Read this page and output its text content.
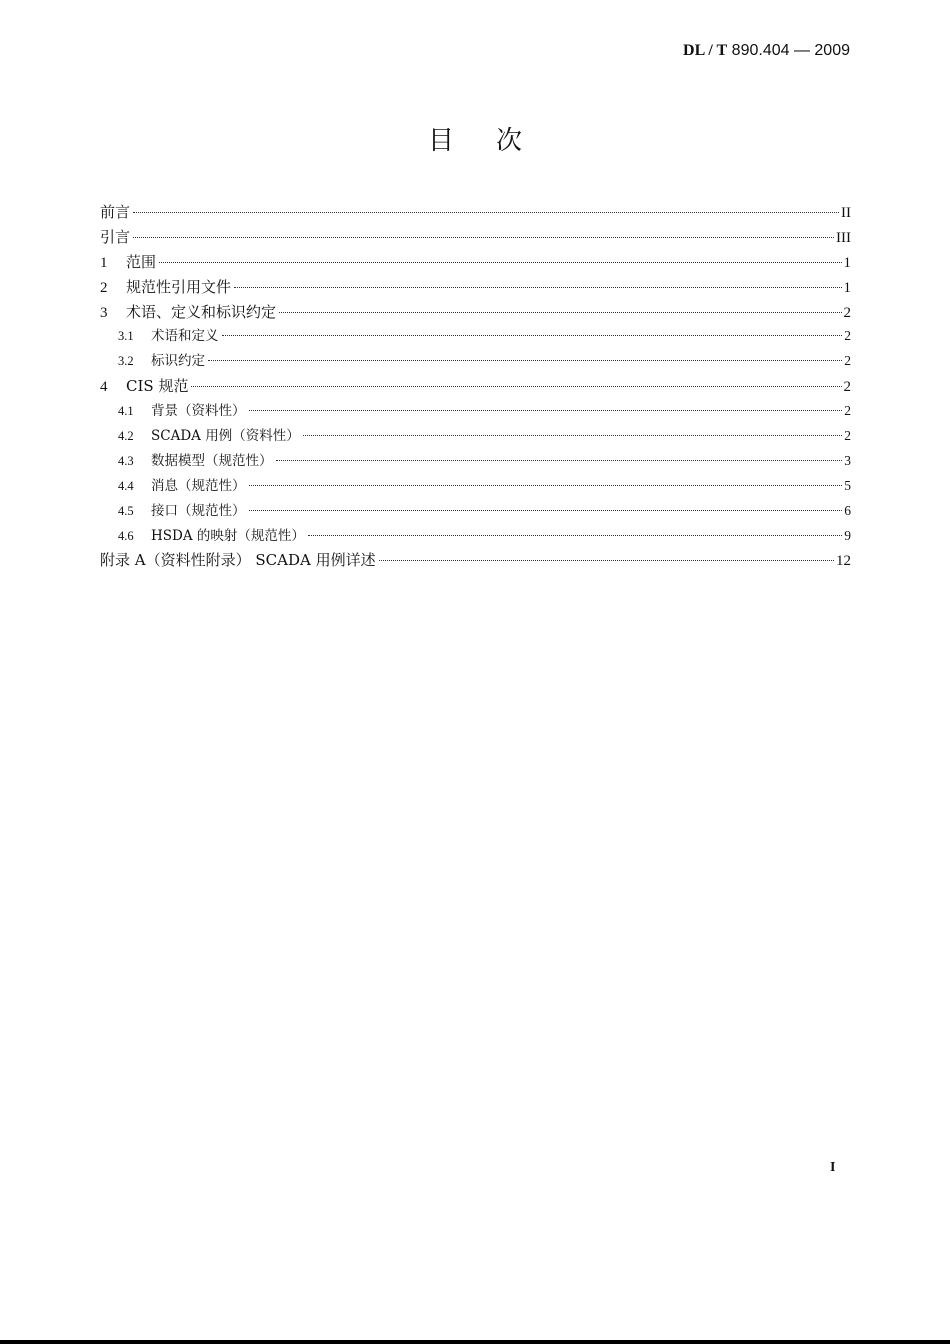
DL / T 890.404 — 2009
目 次
前言	II
引言	III
1	范围	1
2	规范性引用文件	1
3	术语、定义和标识约定	2
3.1	术语和定义	2
3.2	标识约定	2
4	CIS 规范	2
4.1	背景（资料性）	2
4.2	SCADA 用例（资料性）	2
4.3	数据模型（规范性）	3
4.4	消息（规范性）	5
4.5	接口（规范性）	6
4.6	HSDA 的映射（规范性）	9
附录 A（资料性附录） SCADA 用例详述	12
I
